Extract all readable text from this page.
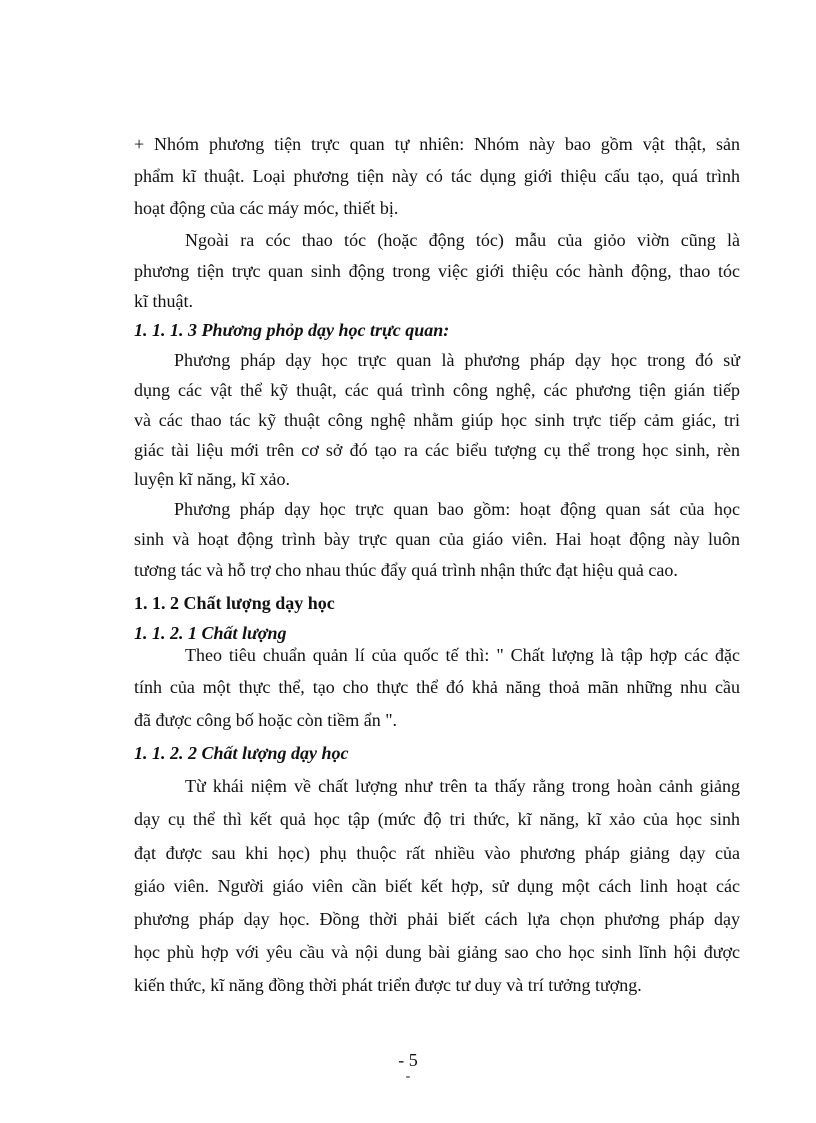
+ Nhóm phương tiện trực quan tự nhiên: Nhóm này bao gồm vật thật, sản
phẩm kĩ thuật. Loại phương tiện này có tác dụng giới thiệu cấu tạo, quá trình
hoạt động của các máy móc, thiết bị.
Ngoài ra cóc thao tóc (hoặc động tóc) mẫu của giỏo viờn cũng là
phương tiện trực quan sinh động trong việc giới thiệu cóc hành động, thao tóc
kĩ thuật.
1. 1. 1. 3 Phương phỏp dạy học trực quan:
Phương pháp dạy học trực quan là phương pháp dạy học trong đó sử
dụng các vật thể kỹ thuật, các quá trình công nghệ, các phương tiện gián tiếp
và các thao tác kỹ thuật công nghệ nhằm giúp học sinh trực tiếp cảm giác, tri
giác tài liệu mới trên cơ sở đó tạo ra các biểu tượng cụ thể trong học sinh, rèn
luyện kĩ năng, kĩ xảo.
Phương pháp dạy học trực quan bao gồm: hoạt động quan sát của học
sinh và hoạt động trình bày trực quan của giáo viên. Hai hoạt động này luôn
tương tác và hỗ trợ cho nhau thúc đẩy quá trình nhận thức đạt hiệu quả cao.
1. 1. 2 Chất lượng dạy học
1. 1. 2. 1 Chất lượng
Theo tiêu chuẩn quản lí của quốc tế thì: " Chất lượng là tập hợp các đặc
tính của một thực thể, tạo cho thực thể đó khả năng thoả mãn những nhu cầu
đã được công bố hoặc còn tiềm ẩn ".
1. 1. 2. 2 Chất lượng dạy học
Từ khái niệm về chất lượng như trên ta thấy rằng trong hoàn cảnh giảng
dạy cụ thể thì kết quả học tập (mức độ tri thức, kĩ năng, kĩ xảo của học sinh
đạt được sau khi học) phụ thuộc rất nhiều vào phương pháp giảng dạy của
giáo viên. Người giáo viên cần biết kết hợp, sử dụng một cách linh hoạt các
phương pháp dạy học. Đồng thời phải biết cách lựa chọn phương pháp dạy
học phù hợp với yêu cầu và nội dung bài giảng sao cho học sinh lĩnh hội được
kiến thức, kĩ năng đồng thời phát triển được tư duy và trí tưởng tượng.
- 5
-
